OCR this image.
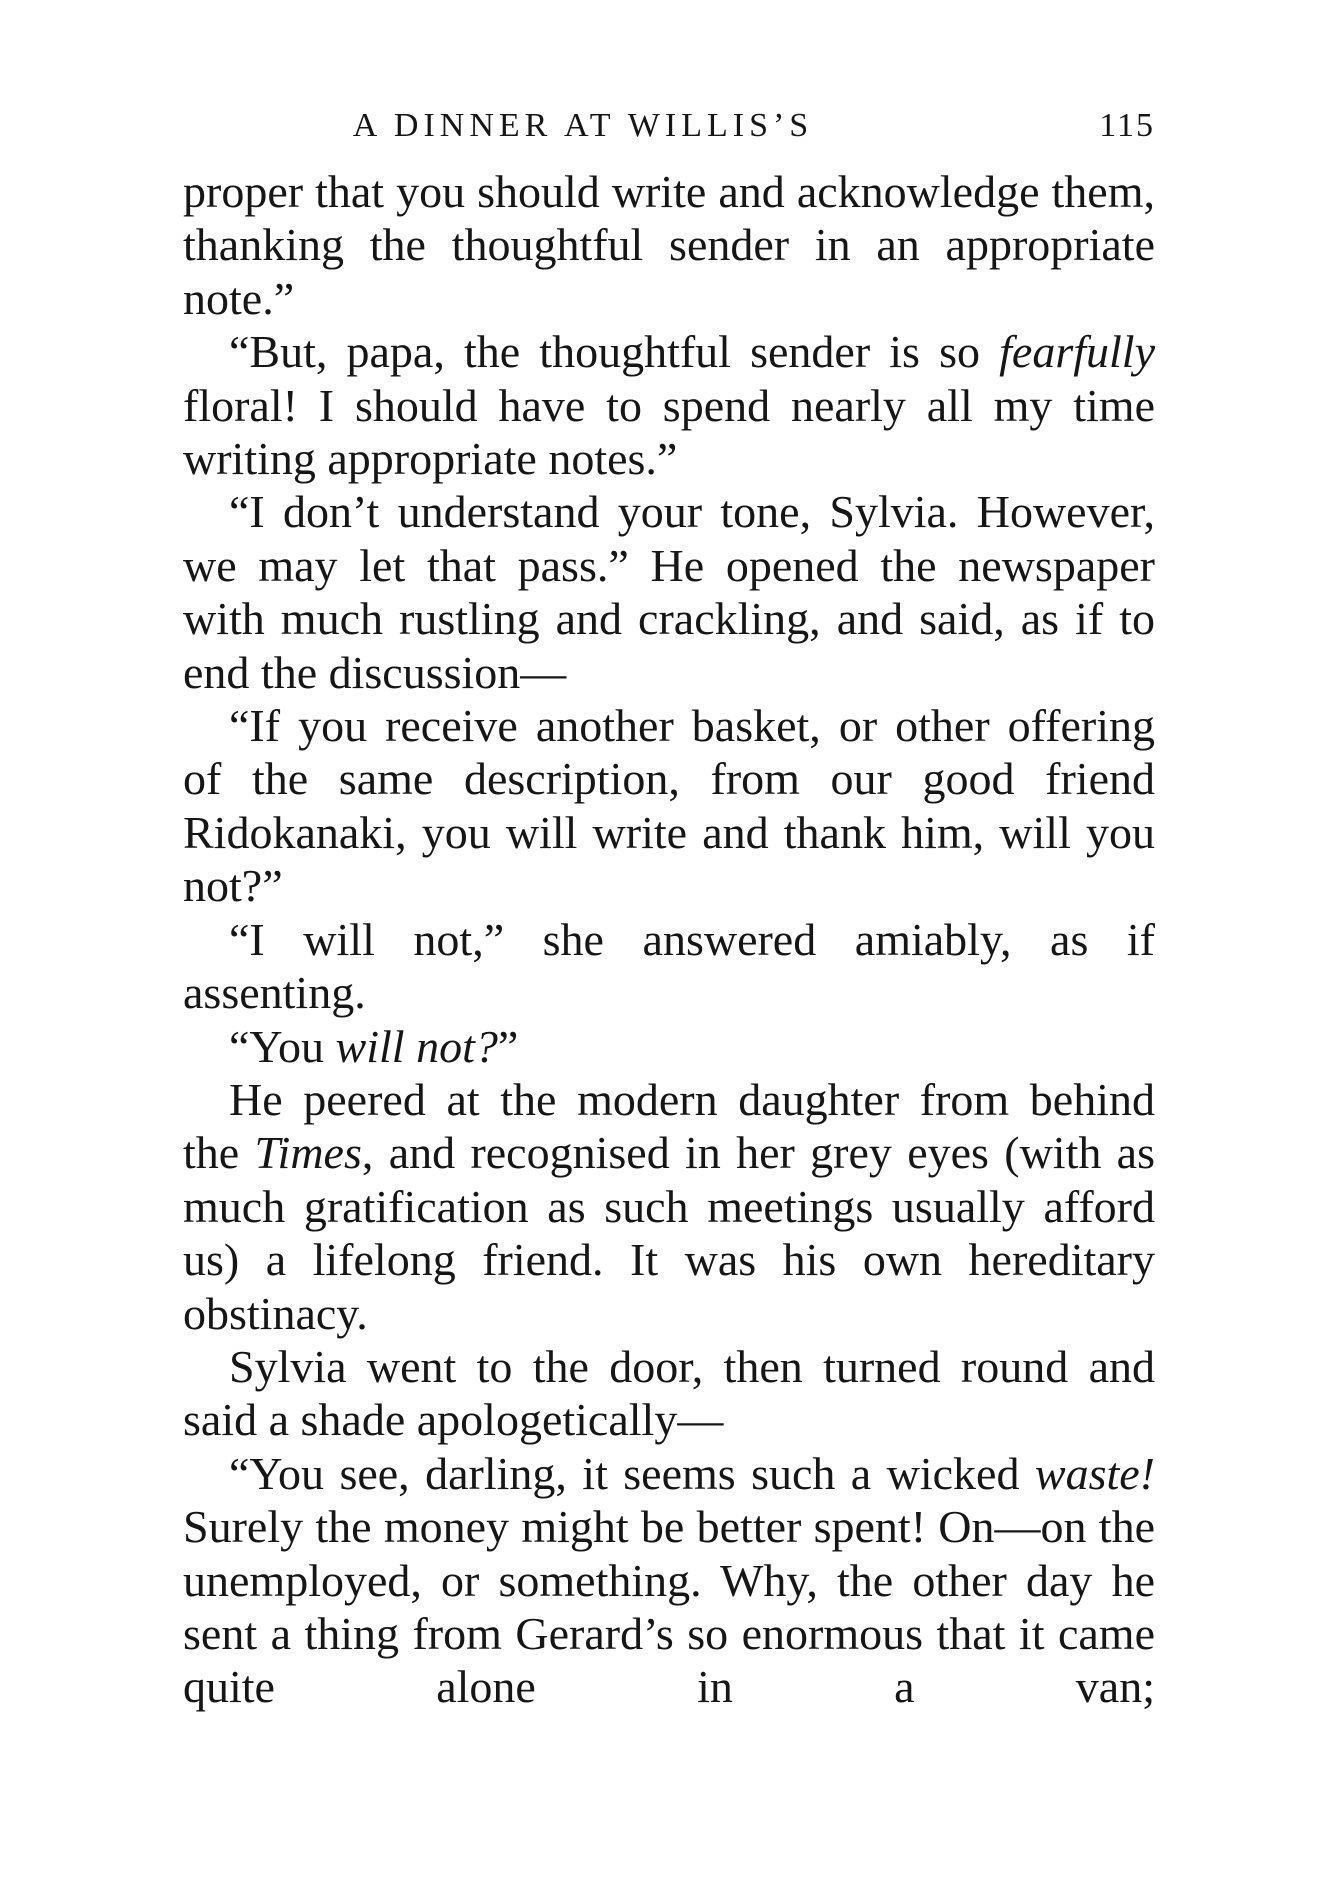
A DINNER AT WILLIS’S	115

proper that you should write and acknowledge them, thanking the thoughtful sender in an appropriate note.”

“But, papa, the thoughtful sender is so fearfully floral! I should have to spend nearly all my time writing appropriate notes.”

“I don’t understand your tone, Sylvia. However, we may let that pass.” He opened the newspaper with much rustling and crackling, and said, as if to end the discussion—

“If you receive another basket, or other offering of the same description, from our good friend Ridokanaki, you will write and thank him, will you not?”

“I will not,” she answered amiably, as if assenting.

“You will not?”

He peered at the modern daughter from behind the Times, and recognised in her grey eyes (with as much gratification as such meetings usually afford us) a lifelong friend. It was his own hereditary obstinacy.

Sylvia went to the door, then turned round and said a shade apologetically—

“You see, darling, it seems such a wicked waste! Surely the money might be better spent! On—on the unemployed, or something. Why, the other day he sent a thing from Gerard’s so enormous that it came quite alone in a van;
